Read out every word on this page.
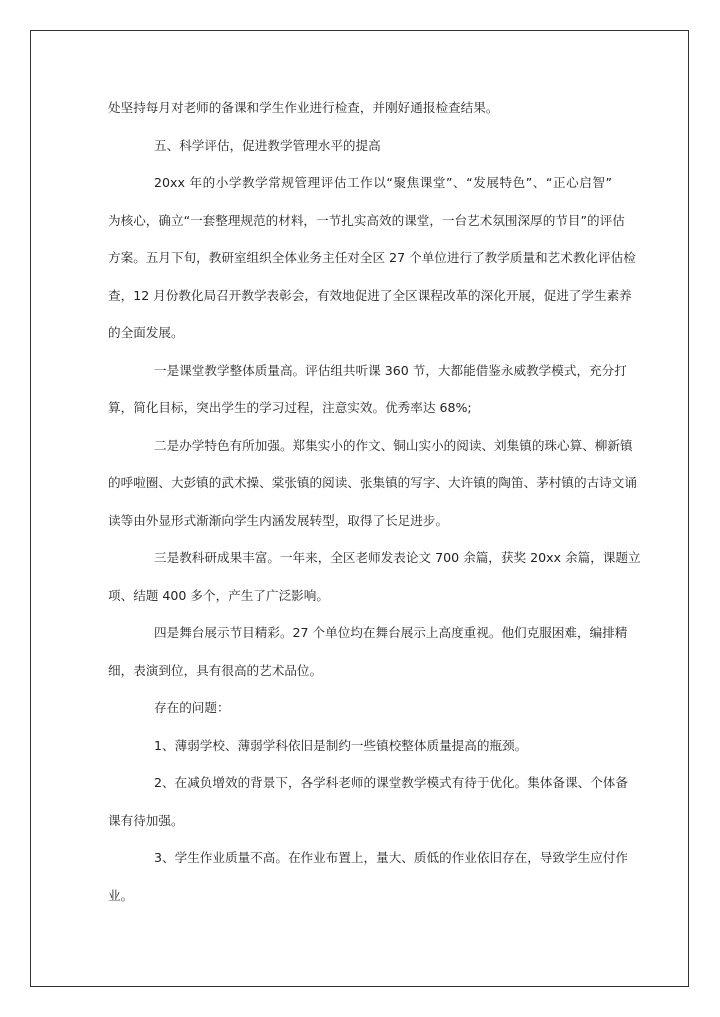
处坚持每月对老师的备课和学生作业进行检查，并刚好通报检查结果。
五、科学评估，促进教学管理水平的提高
20xx 年的小学教学常规管理评估工作以“聚焦课堂”、“发展特色”、“正心启智”
为核心，确立“一套整理规范的材料，一节扎实高效的课堂，一台艺术氛围深厚的节目”的评估
方案。五月下旬，教研室组织全体业务主任对全区 27 个单位进行了教学质量和艺术教化评估检
查，12 月份教化局召开教学表彰会，有效地促进了全区课程改革的深化开展，促进了学生素养
的全面发展。
一是课堂教学整体质量高。评估组共听课 360 节，大都能借鉴永威教学模式，充分打
算，简化目标，突出学生的学习过程，注意实效。优秀率达 68%;
二是办学特色有所加强。郑集实小的作文、铜山实小的阅读、刘集镇的珠心算、柳新镇
的呼啦圈、大彭镇的武术操、棠张镇的阅读、张集镇的写字、大许镇的陶笛、茅村镇的古诗文诵
读等由外显形式渐渐向学生内涵发展转型，取得了长足进步。
三是教科研成果丰富。一年来，全区老师发表论文 700 余篇，获奖 20xx 余篇，课题立
项、结题 400 多个，产生了广泛影响。
四是舞台展示节目精彩。27 个单位均在舞台展示上高度重视。他们克服困难，编排精
细，表演到位，具有很高的艺术品位。
存在的问题：
1、薄弱学校、薄弱学科依旧是制约一些镇校整体质量提高的瓶颈。
2、在减负增效的背景下，各学科老师的课堂教学模式有待于优化。集体备课、个体备
课有待加强。
3、学生作业质量不高。在作业布置上，量大、质低的作业依旧存在，导致学生应付作
业。
